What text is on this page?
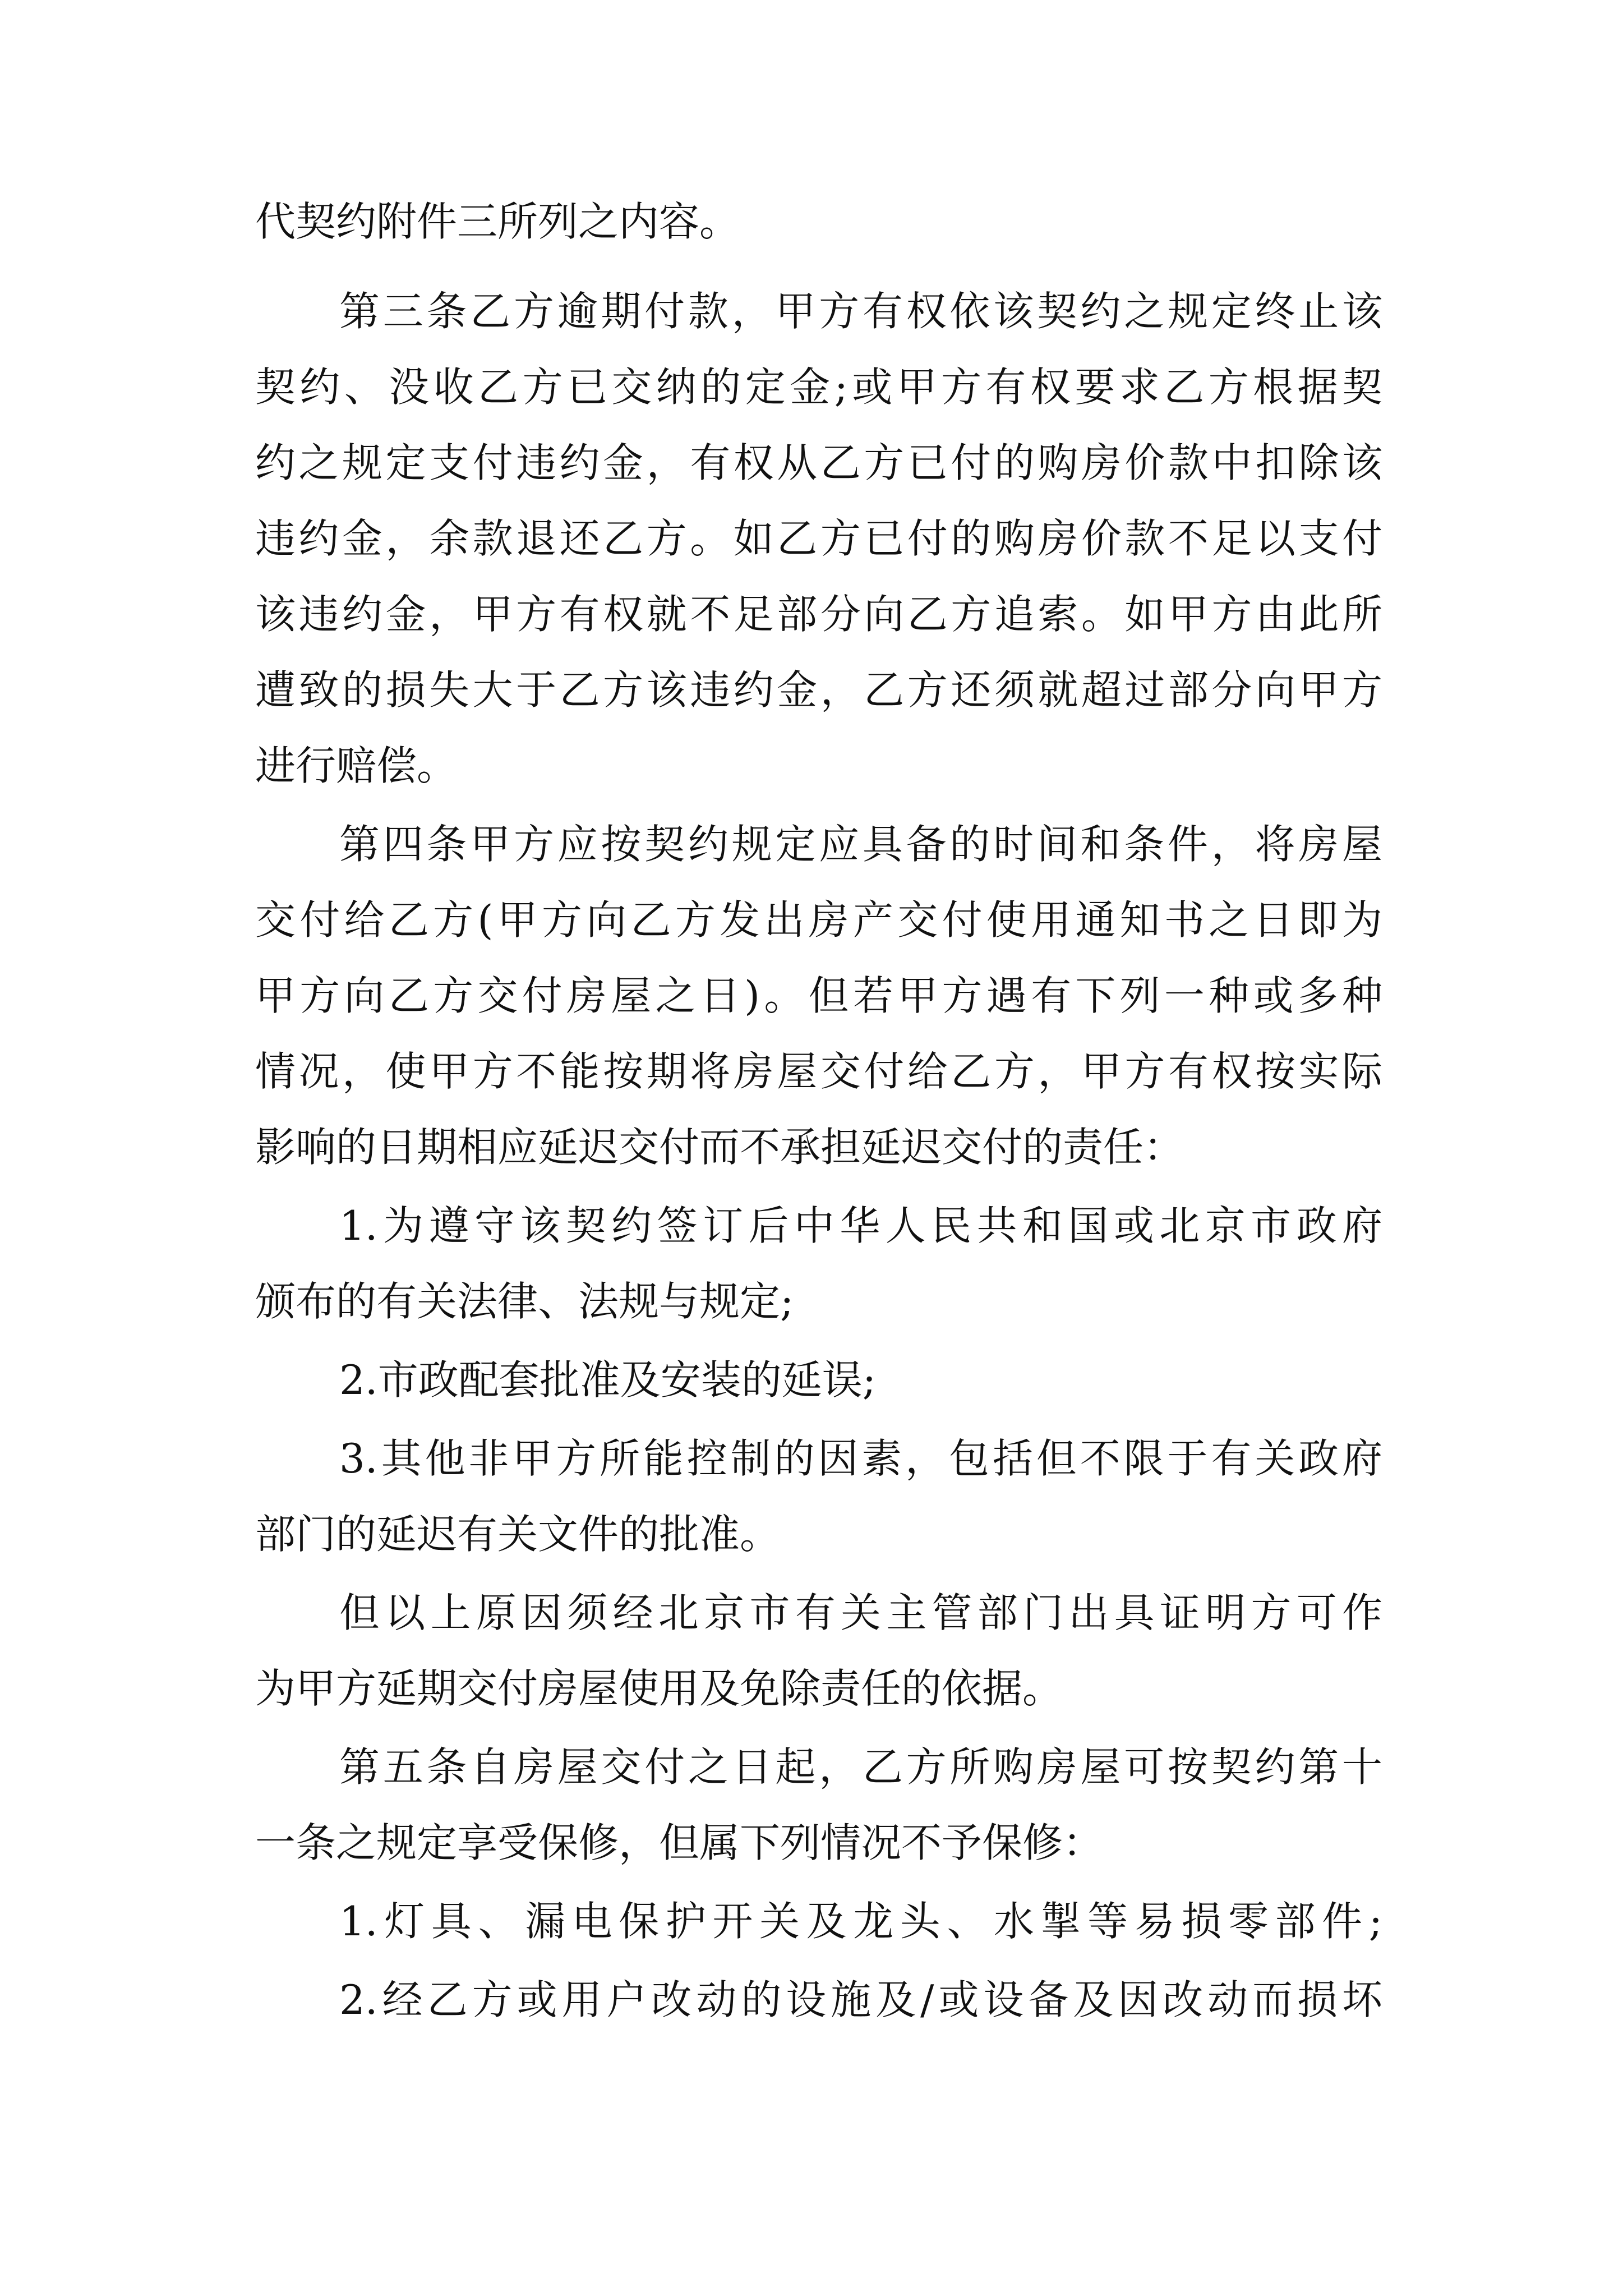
代契约附件三所列之内容。

第三条乙方逾期付款，甲方有权依该契约之规定终止该

契约、没收乙方已交纳的定金;或甲方有权要求乙方根据契

约之规定支付违约金，有权从乙方已付的购房价款中扣除该

违约金，余款退还乙方。如乙方已付的购房价款不足以支付

该违约金，甲方有权就不足部分向乙方追索。如甲方由此所

遭致的损失大于乙方该违约金，乙方还须就超过部分向甲方

进行赔偿。

第四条甲方应按契约规定应具备的时间和条件，将房屋

交付给乙方(甲方向乙方发出房产交付使用通知书之日即为

甲方向乙方交付房屋之日)。但若甲方遇有下列一种或多种

情况，使甲方不能按期将房屋交付给乙方，甲方有权按实际

影响的日期相应延迟交付而不承担延迟交付的责任：

1.为遵守该契约签订后中华人民共和国或北京市政府

颁布的有关法律、法规与规定;

2.市政配套批准及安装的延误;

3.其他非甲方所能控制的因素，包括但不限于有关政府

部门的延迟有关文件的批准。

但以上原因须经北京市有关主管部门出具证明方可作

为甲方延期交付房屋使用及免除责任的依据。

第五条自房屋交付之日起，乙方所购房屋可按契约第十

一条之规定享受保修，但属下列情况不予保修：

1.灯具、漏电保护开关及龙头、水掣等易损零部件;

2.经乙方或用户改动的设施及/或设备及因改动而损坏
